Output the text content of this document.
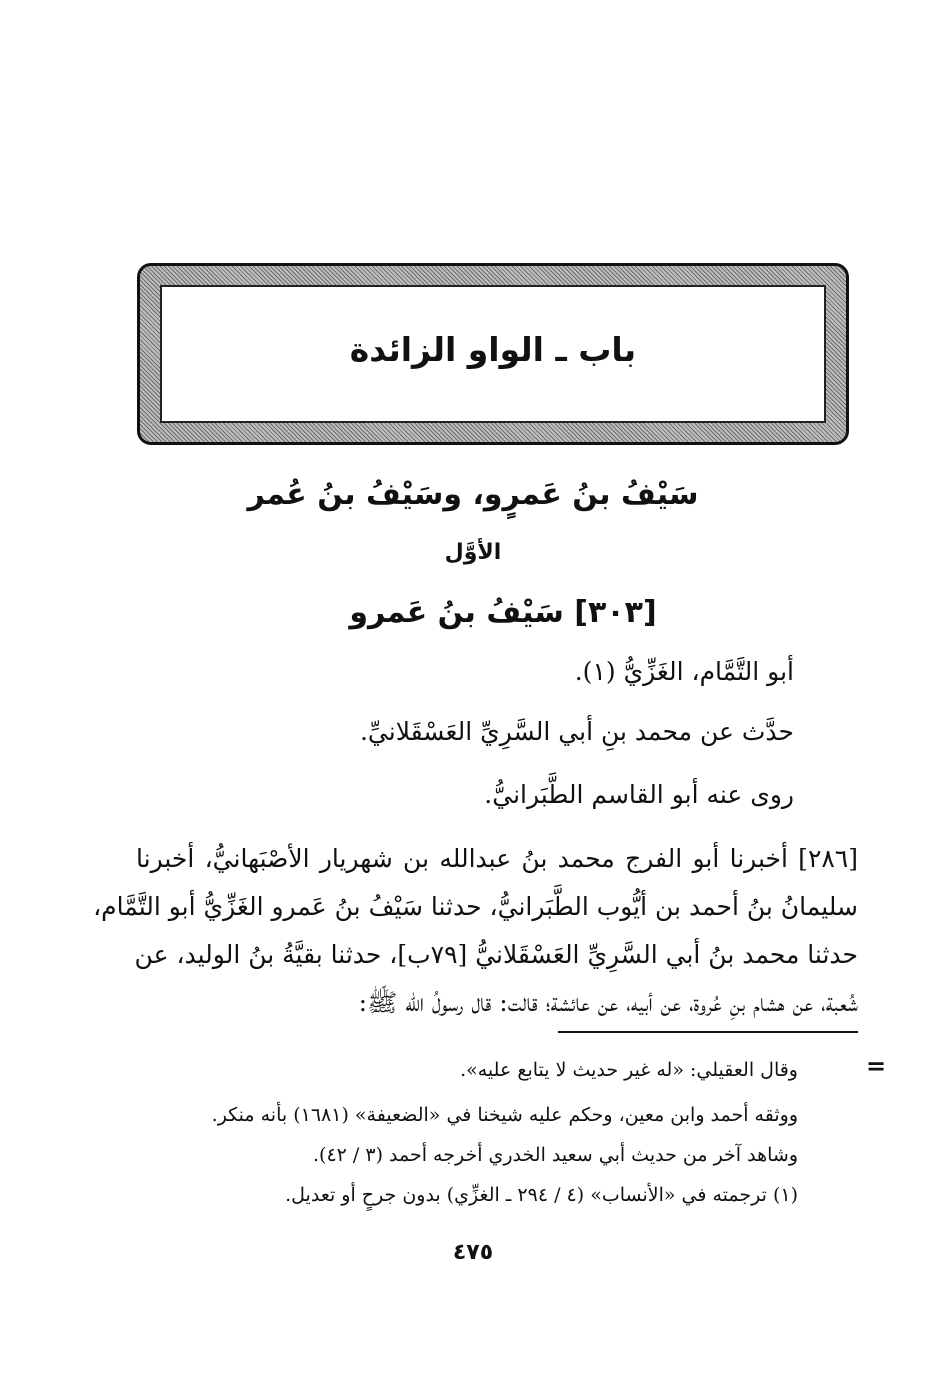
باب ـ الواو الزائدة
سَيْفُ بنُ عَمرٍو، وسَيْفُ بنُ عُمر
الأوَّل
[٣٠٣] سَيْفُ بنُ عَمرو
أبو التَّمَّام، الغَزِّيُّ (١).
حدَّث عن محمد بنِ أبي السَّرِيِّ العَسْقَلانيِّ.
روى عنه أبو القاسم الطَّبَرانيُّ.
[٢٨٦] أخبرنا أبو الفرج محمد بنُ عبدالله بن شهريار الأصْبَهانيُّ، أخبرنا
سليمانُ بنُ أحمد بن أيُّوب الطَّبَرانيُّ، حدثنا سَيْفُ بنُ عَمرو الغَزِّيُّ أبو التَّمَّام،
حدثنا محمد بنُ أبي السَّرِيِّ العَسْقَلانيُّ [٧٩ب]، حدثنا بقيَّةُ بنُ الوليد، عن
شُعبة، عن هشام بنِ عُروة، عن أبيه، عن عائشة؛ قالت: قال رسولُ الله ﷺ:
=
وقال العقيلي: «له غير حديث لا يتابع عليه».
ووثقه أحمد وابن معين، وحكم عليه شيخنا في «الضعيفة» (١٦٨١) بأنه منكر.
وشاهد آخر من حديث أبي سعيد الخدري أخرجه أحمد (٣ / ٤٢).
(١) ترجمته في «الأنساب» (٤ / ٢٩٤ ـ الغزِّي) بدون جرحٍ أو تعديل.
٤٧٥
